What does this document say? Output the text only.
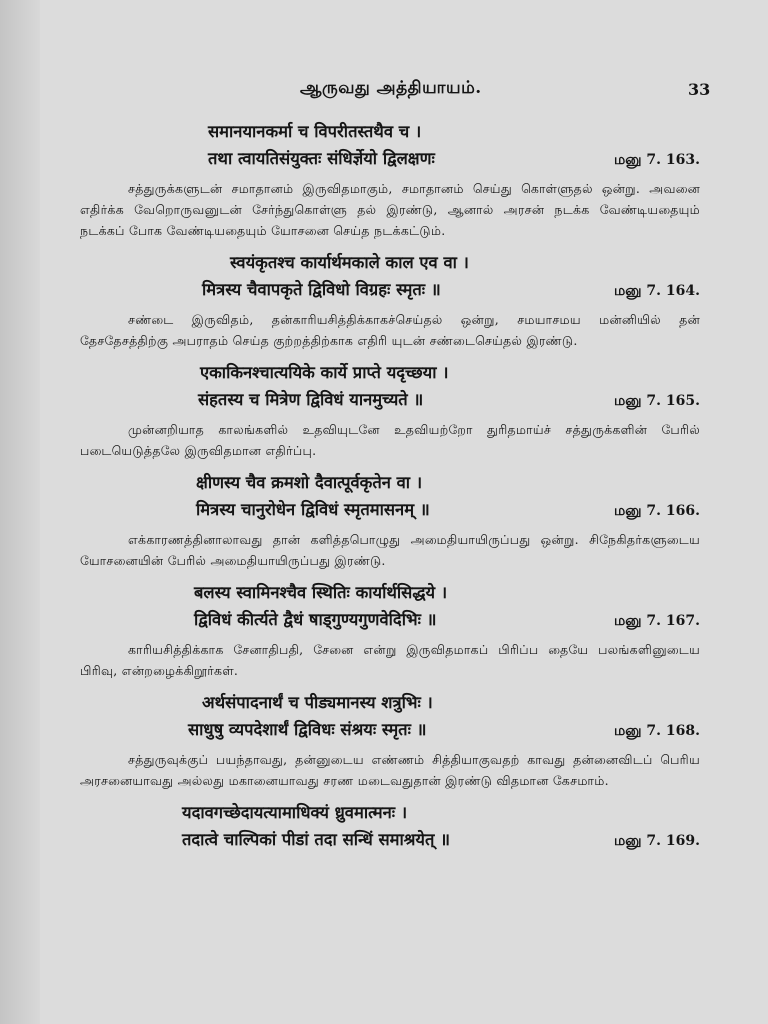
ஆருவது அத்தியாயம்.	33
समानयानकर्मा च विपरीतस्तथैव च ।
तथा त्वायतिसंयुक्तः संधिर्ज्ञेयो द्विलक्षणः	மனு 7. 163.

சத்துருக்களுடன் சமாதானம் இருவிதமாகும், சமாதானம் செய்து கொள்ளுதல் ஒன்று. அவனை எதிர்க்க வேறொருவனுடன் சேர்ந்துகொள்ளு தல் இரண்டு, ஆனால் அரசன் நடக்க வேண்டியதையும் நடக்கப் போக வேண்டியதையும் யோசனை செய்த நடக்கட்டும்.

स्वयंकृतश्च कार्यार्थमकाले काल एव वा ।
मित्रस्य चैवापकृते द्विविधो विग्रहः स्मृतः ॥	மனு 7. 164.

சண்டை இருவிதம், தன்காரியசித்திக்காகச்செய்தல் ஒன்று, சமயாசமய மன்னியில் தன் தேசதேசத்திற்கு அபராதம் செய்த குற்றத்திற்காக எதிரி யுடன் சண்டைசெய்தல் இரண்டு.

एकाकिनश्चात्ययिके कार्ये प्राप्ते यदृच्छया ।
संहतस्य च मित्रेण द्विविधं यानमुच्यते ॥	மனு 7. 165.

முன்னறியாத காலங்களில் உதவியுடனே உதவியற்றோ துரிதமாய்ச் சத்துருக்களின் பேரில் படையெடுத்தலே இருவிதமான எதிர்ப்பு.

क्षीणस्य चैव क्रमशो दैवात्पूर्वकृतेन वा ।
मित्रस्य चानुरोधेन द्विविधं स्मृतमासनम् ॥	மனு 7. 166.

எக்காரணத்தினாலாவது தான் களித்தபொழுது அமைதியாயிருப்பது ஒன்று. சிநேகிதர்களுடைய யோசனையின் பேரில் அமைதியாயிருப்பது இரண்டு.

बलस्य स्वामिनश्चैव स्थितिः कार्यार्थसिद्धये ।
द्विविधं कीर्त्यते द्वैधं षाड्गुण्यगुणवेदिभिः ॥	மனு 7. 167.

காரியசித்திக்காக சேனாதிபதி, சேனை என்று இருவிதமாகப் பிரிப்ப தையே பலங்களினுடைய பிரிவு, என்றழைக்கிறூர்கள்.

अर्थसंपादनार्थं च पीड्यमानस्य शत्रुभिः ।
साधुषु व्यपदेशार्थं द्विविधः संश्रयः स्मृतः ॥	மனு 7. 168.

சத்துருவுக்குப் பயந்தாவது, தன்னுடைய எண்ணம் சித்தியாகுவதற் காவது தன்னைவிடப் பெரிய அரசனையாவது அல்லது மகானையாவது சரண மடைவதுதான் இரண்டு விதமான கேசமாம்.

यदावगच्छेदायत्यामाधिक्यं ध्रुवमात्मनः ।
तदात्वे चाल्पिकां पीडां तदा सन्धिं समाश्रयेत् ॥	மனு 7. 169.
